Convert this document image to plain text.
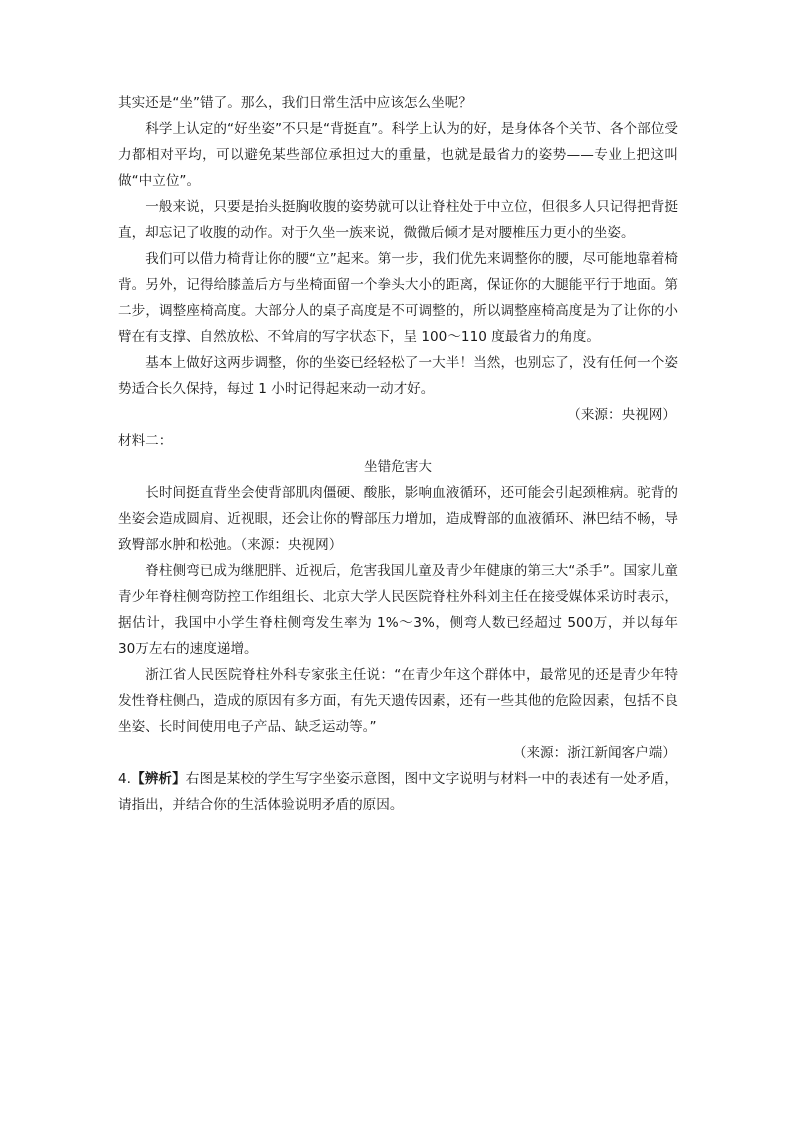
其实还是“坐”错了。那么，我们日常生活中应该怎么坐呢？

科学上认定的“好坐姿”不只是“背挺直”。科学上认为的好，是身体各个关节、各个部位受力都相对平均，可以避免某些部位承担过大的重量，也就是最省力的姿势——专业上把这叫做“中立位”。

一般来说，只要是抬头挺胸收腹的姿势就可以让脊柱处于中立位，但很多人只记得把背挺直，却忘记了收腹的动作。对于久坐一族来说，微微后倾才是对腰椎压力更小的坐姿。

我们可以借力椅背让你的腰“立”起来。第一步，我们优先来调整你的腰，尽可能地靠着椅背。另外，记得给膝盖后方与坐椅面留一个拳头大小的距离，保证你的大腿能平行于地面。第二步，调整座椅高度。大部分人的桌子高度是不可调整的，所以调整座椅高度是为了让你的小臂在有支撑、自然放松、不耸肩的写字状态下，呈 100～110 度最省力的角度。

基本上做好这两步调整，你的坐姿已经轻松了一大半！当然，也别忘了，没有任何一个姿势适合长久保持，每过 1 小时记得起来动一动才好。

（来源：央视网）

材料二：

坐错危害大

长时间挺直背坐会使背部肌肉僵硬、酸胀，影响血液循环，还可能会引起颈椎病。驼背的坐姿会造成圆肩、近视眼，还会让你的臀部压力增加，造成臀部的血液循环、淋巴结不畅，导致臀部水肿和松弛。（来源：央视网）

脊柱侧弯已成为继肥胖、近视后，危害我国儿童及青少年健康的第三大“杀手”。国家儿童青少年脊柱侧弯防控工作组组长、北京大学人民医院脊柱外科刘主任在接受媒体采访时表示，据估计，我国中小学生脊柱侧弯发生率为 1%～3%，侧弯人数已经超过 500万，并以每年 30万左右的速度递增。

浙江省人民医院脊柱外科专家张主任说：“在青少年这个群体中，最常见的还是青少年特发性脊柱侧凸，造成的原因有多方面，有先天遗传因素，还有一些其他的危险因素，包括不良坐姿、长时间使用电子产品、缺乏运动等。”

（来源：浙江新闻客户端）

4.【辨析】右图是某校的学生写字坐姿示意图，图中文字说明与材料一中的表述有一处矛盾，请指出，并结合你的生活体验说明矛盾的原因。
